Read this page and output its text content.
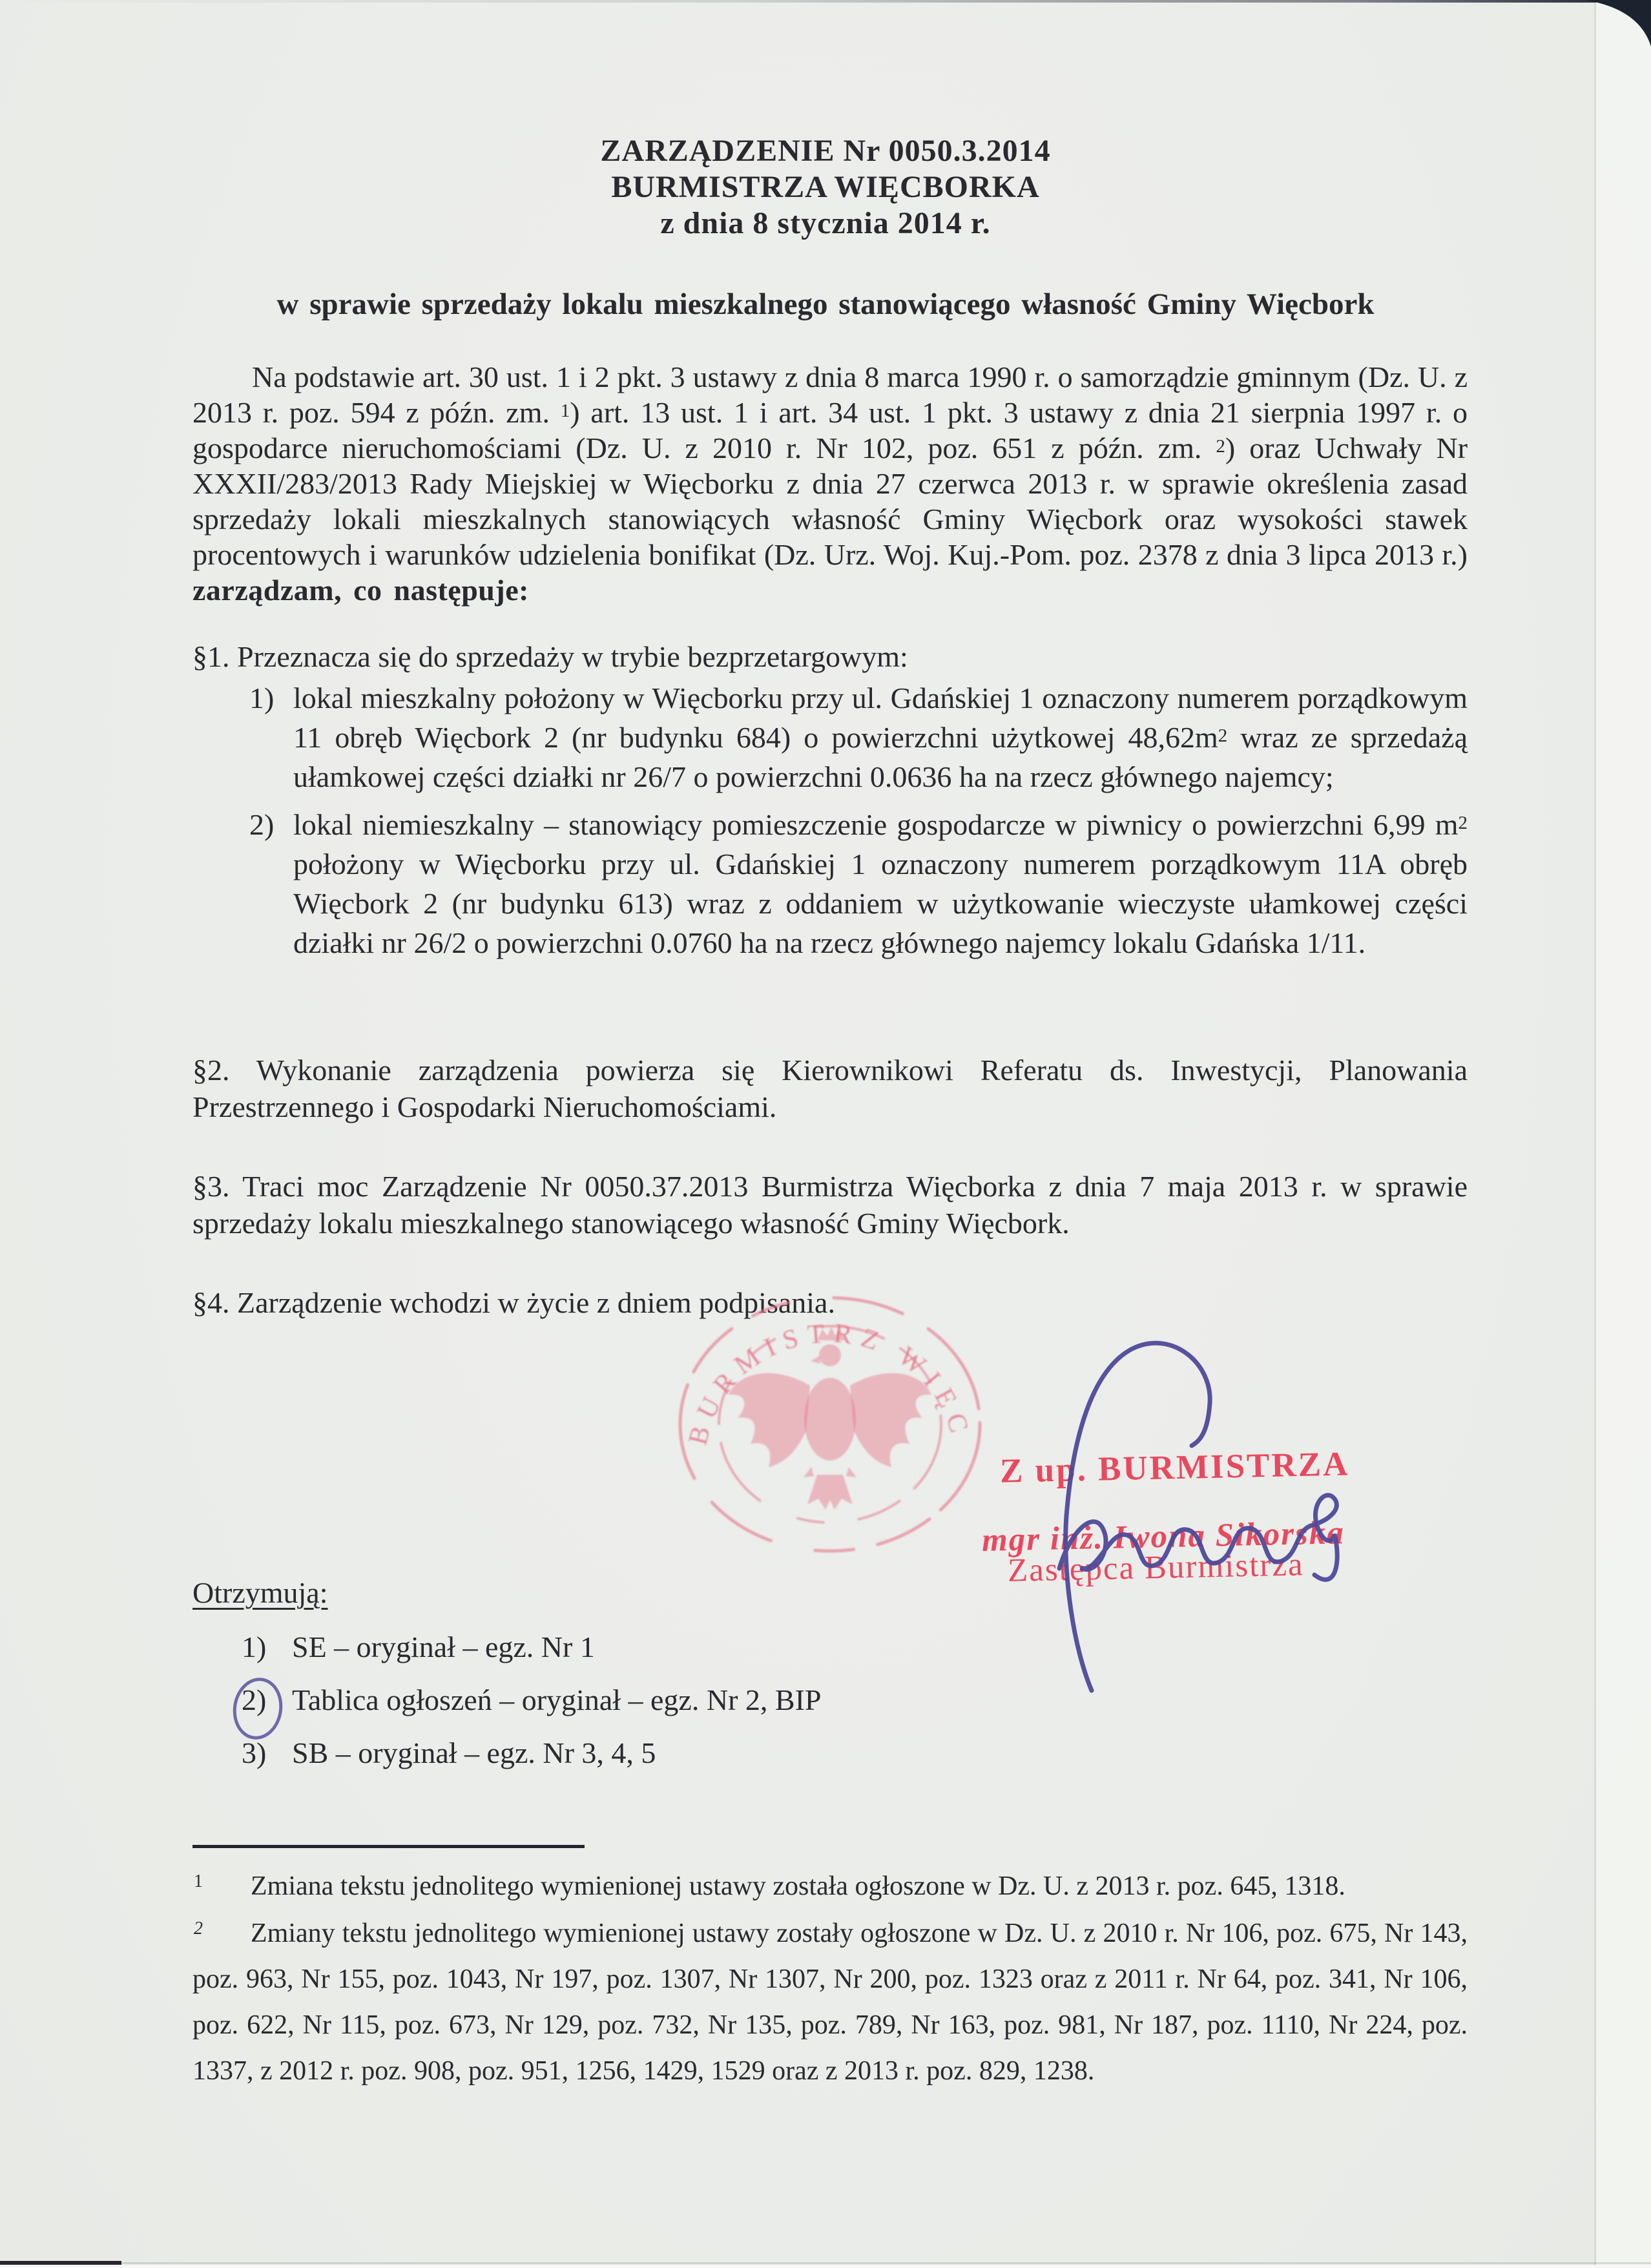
ZARZĄDZENIE Nr 0050.3.2014
BURMISTRZA WIĘCBORKA
z dnia 8 stycznia 2014 r.
w sprawie sprzedaży lokalu mieszkalnego stanowiącego własność Gminy Więcbork

Na podstawie art. 30 ust. 1 i 2 pkt. 3 ustawy z dnia 8 marca 1990 r. o samorządzie gminnym (Dz. U. z 2013 r. poz. 594 z późn. zm. $^1$) art. 13 ust. 1 i art. 34 ust. 1 pkt. 3 ustawy z dnia 21 sierpnia 1997 r. o gospodarce nieruchomościami (Dz. U. z 2010 r. Nr 102, poz. 651 z późn. zm. $^2$) oraz Uchwały Nr XXXII/283/2013 Rady Miejskiej w Więcborku z dnia 27 czerwca 2013 r. w sprawie określenia zasad sprzedaży lokali mieszkalnych stanowiących własność Gminy Więcbork oraz wysokości stawek procentowych i warunków udzielenia bonifikat (Dz. Urz. Woj. Kuj.-Pom. poz. 2378 z dnia 3 lipca 2013 r.) zarządzam, co następuje:

§1. Przeznacza się do sprzedaży w trybie bezprzetargowym:
1) lokal mieszkalny położony w Więcborku przy ul. Gdańskiej 1 oznaczony numerem porządkowym 11 obręb Więcbork 2 (nr budynku 684) o powierzchni użytkowej 48,62m$^2$ wraz ze sprzedażą ułamkowej części działki nr 26/7 o powierzchni 0.0636 ha na rzecz głównego najemcy;
2) lokal niemieszkalny – stanowiący pomieszczenie gospodarcze w piwnicy o powierzchni 6,99 m$^2$ położony w Więcborku przy ul. Gdańskiej 1 oznaczony numerem porządkowym 11A obręb Więcbork 2 (nr budynku 613) wraz z oddaniem w użytkowanie wieczyste ułamkowej części działki nr 26/2 o powierzchni 0.0760 ha na rzecz głównego najemcy lokalu Gdańska 1/11.
§2. Wykonanie zarządzenia powierza się Kierownikowi Referatu ds. Inwestycji, Planowania Przestrzennego i Gospodarki Nieruchomościami.
§3. Traci moc Zarządzenie Nr 0050.37.2013 Burmistrza Więcborka z dnia 7 maja 2013 r. w sprawie sprzedaży lokalu mieszkalnego stanowiącego własność Gminy Więcbork.
§4. Zarządzenie wchodzi w życie z dniem podpisania.
BURMISTRZ WIĘC
Z up. BURMISTRZA
mgr inż. Iwona Sikorska
Zastępca Burmistrza
Otrzymują:
1) SE – oryginał – egz. Nr 1
2) Tablica ogłoszeń – oryginał – egz. Nr 2, BIP
3) SB – oryginał – egz. Nr 3, 4, 5
1 Zmiana tekstu jednolitego wymienionej ustawy została ogłoszone w Dz. U. z 2013 r. poz. 645, 1318.
2 Zmiany tekstu jednolitego wymienionej ustawy zostały ogłoszone w Dz. U. z 2010 r. Nr 106, poz. 675, Nr 143, poz. 963, Nr 155, poz. 1043, Nr 197, poz. 1307, Nr 1307, Nr 200, poz. 1323 oraz z 2011 r. Nr 64, poz. 341, Nr 106, poz. 622, Nr 115, poz. 673, Nr 129, poz. 732, Nr 135, poz. 789, Nr 163, poz. 981, Nr 187, poz. 1110, Nr 224, poz. 1337, z 2012 r. poz. 908, poz. 951, 1256, 1429, 1529 oraz z 2013 r. poz. 829, 1238.
